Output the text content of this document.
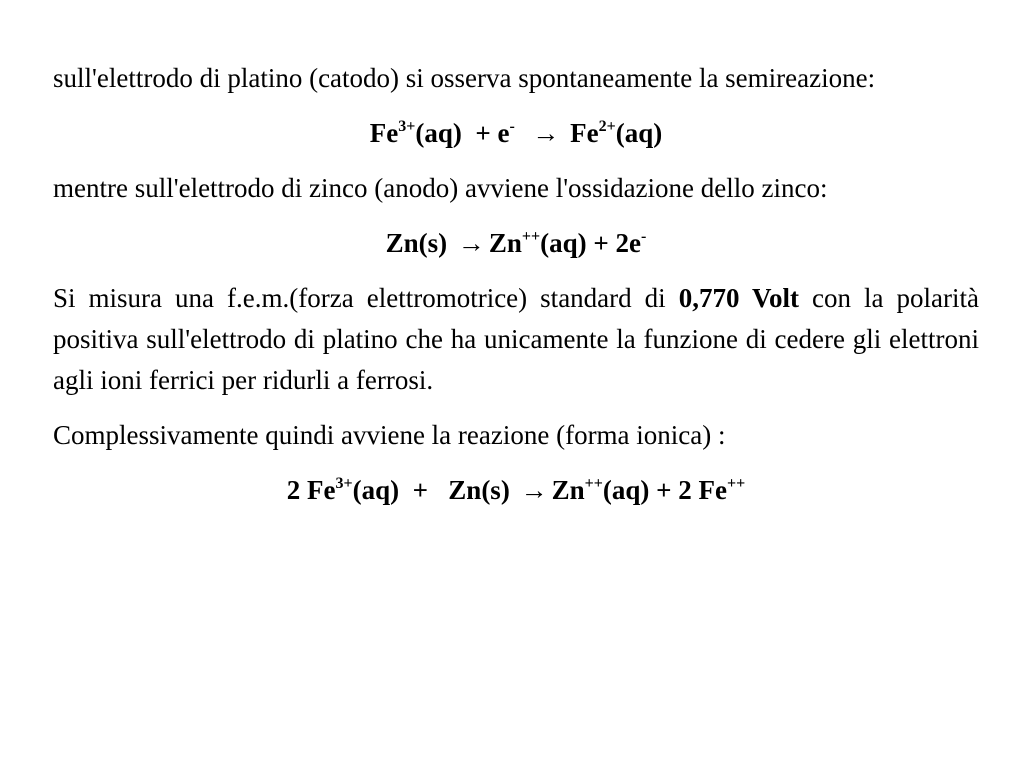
sull'elettrodo di platino (catodo) si osserva spontaneamente la semireazione:

$Fe^{3+}(aq) + e^- \to Fe^{2+}(aq)$

mentre sull'elettrodo di zinco (anodo) avviene l'ossidazione dello zinco:

Zn(s) → Zn++(aq) + 2e-

Si misura una f.e.m.(forza elettromotrice) standard di 0,770 Volt con la polarità positiva sull'elettrodo di platino che ha unicamente la funzione di cedere gli elettroni agli ioni ferrici per ridurli a ferrosi.

Complessivamente quindi avviene la reazione (forma ionica) :

2 $Fe^{3+}(aq) + Zn(s) \to Zn^{++}(aq) + 2$ Fe++
